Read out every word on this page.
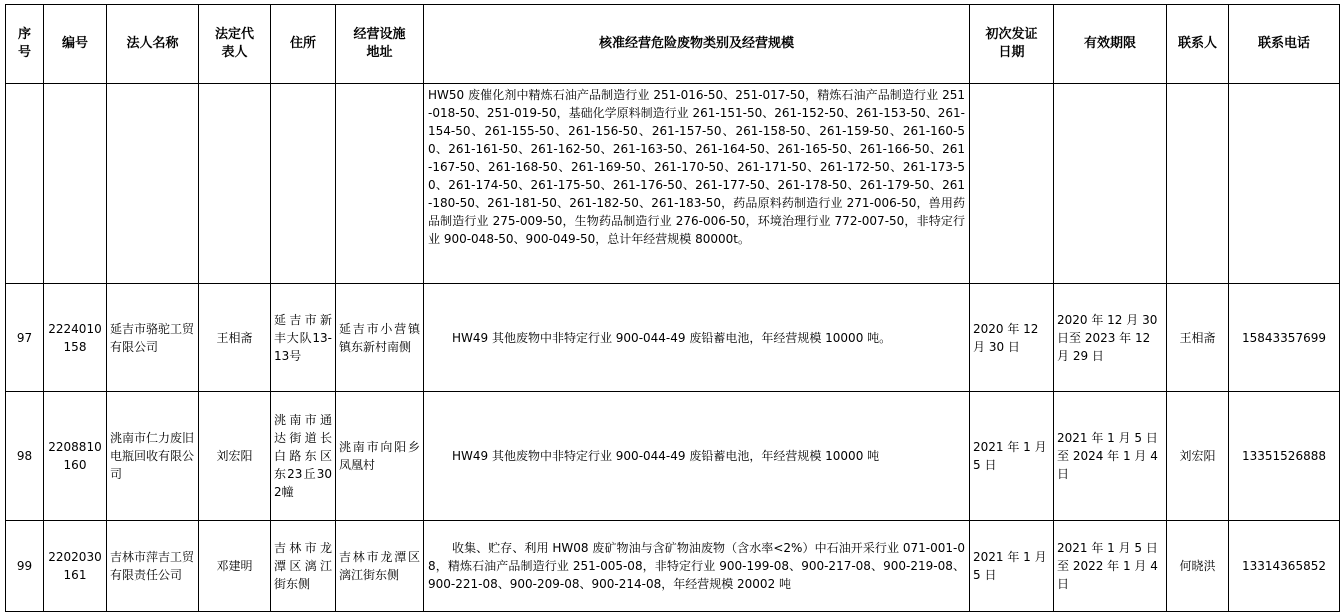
序号	编号	法人名称	法定代表人	住所	经营设施地址	核准经营危险废物类别及经营规模	初次发证日期	有效期限	联系人	联系电话
						HW50 废催化剂中精炼石油产品制造行业 251-016-50、251-017-50，精炼石油产品制造行业 251-018-50、251-019-50，基础化学原料制造行业 261-151-50、261-152-50、261-153-50、261-154-50、261-155-50、261-156-50、261-157-50、261-158-50、261-159-50、261-160-50、261-161-50、261-162-50、261-163-50、261-164-50、261-165-50、261-166-50、261-167-50、261-168-50、261-169-50、261-170-50、261-171-50、261-172-50、261-173-50、261-174-50、261-175-50、261-176-50、261-177-50、261-178-50、261-179-50、261-180-50、261-181-50、261-182-50、261-183-50，药品原料药制造行业 271-006-50，兽用药品制造行业 275-009-50，生物药品制造行业 276-006-50，环境治理行业 772-007-50，非特定行业 900-048-50、900-049-50，总计年经营规模 80000t。				
97	2224010158	延吉市骆驼工贸有限公司	王相斋	延吉市新丰大队13-13号	延吉市小营镇镇东新村南侧	HW49 其他废物中非特定行业 900-044-49 废铅蓄电池，年经营规模 10000 吨。	2020 年 12 月 30 日	2020 年 12 月 30 日至 2023 年 12 月 29 日	王相斋	15843357699
98	2208810160	洮南市仁力废旧电瓶回收有限公司	刘宏阳	洮南市通达街道长白路东区东23丘302幢	洮南市向阳乡凤凰村	HW49 其他废物中非特定行业 900-044-49 废铅蓄电池，年经营规模 10000 吨	2021 年 1 月 5 日	2021 年 1 月 5 日至 2024 年 1 月 4 日	刘宏阳	13351526888
99	2202030161	吉林市萍吉工贸有限责任公司	邓建明	吉林市龙潭区漓江街东侧	吉林市龙潭区漓江街东侧	收集、贮存、利用 HW08 废矿物油与含矿物油废物（含水率<2%）中石油开采行业 071-001-08，精炼石油产品制造行业 251-005-08，非特定行业 900-199-08、900-217-08、900-219-08、900-221-08、900-209-08、900-214-08，年经营规模 20002 吨	2021 年 1 月 5 日	2021 年 1 月 5 日至 2022 年 1 月 4 日	何晓洪	13314365852
